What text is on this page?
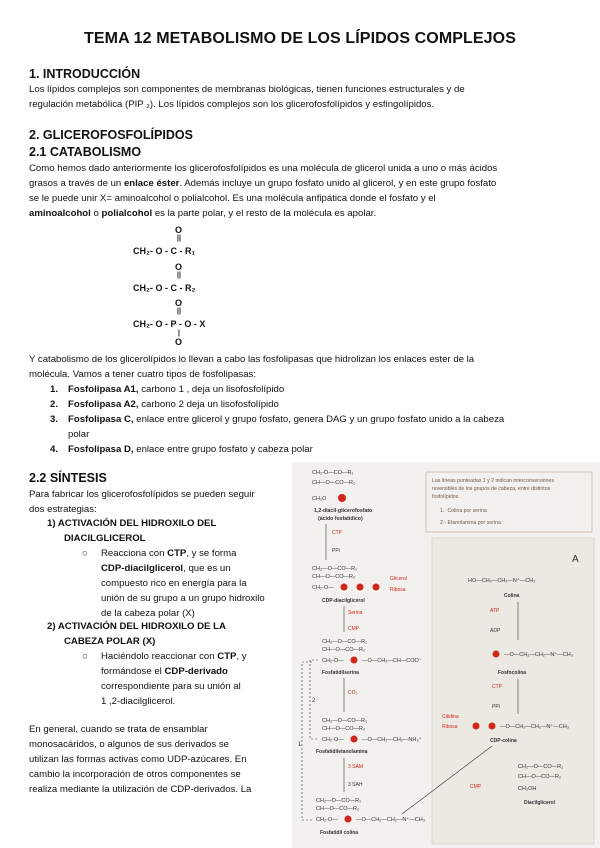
TEMA 12 METABOLISMO DE LOS LÍPIDOS COMPLEJOS
1. INTRODUCCIÓN
Los lípidos complejos son componentes de membranas biológicas, tienen funciones estructurales y de
regulación metabólica (PIP ₂). Los lípidos complejos son los glicerofosfolípidos y esfingolípidos.
2. GLICEROFOSFOLÍPIDOS
2.1 CATABOLISMO
Como hemos dado anteriormente los glicerofosfolípidos es una molécula de glicerol unida a uno o más ácidos
grasos a través de un enlace éster. Además incluye un grupo fosfato unido al glicerol, y en este grupo fosfato
se le puede unir X= aminoalcohol o polialcohol. Es una molécula anfipática donde el fosfato y el
aminoalcohol o polialcohol es la parte polar, y el resto de la molécula es apolar.
O
||
CH₂- O - C - R₁
O
||
CH₂- O - C - R₂
O
||
CH₂- O - P - O - X
|
O
Y catabolismo de los glicerolípidos lo llevan a cabo las fosfolipasas que hidrolizan los enlaces ester de la
molécula. Vamos a tener cuatro tipos de fosfolipasas:
1. Fosfolipasa A1, carbono 1 , deja un lisofosfolípido
2. Fosfolipasa A2, carbono 2 deja un lisofosfolípido
3. Fosfolipasa C, enlace entre glicerol y grupo fosfato, genera DAG y un grupo fosfato unido a la cabeza
polar
4. Fosfolipasa D, enlace entre grupo fosfato y cabeza polar
2.2 SÍNTESIS
Para fabricar los glicerofosfolípidos se pueden seguir
dos estrategias:
1) ACTIVACIÓN DEL HIDROXILO DEL
DIACILGLICEROL
○ Reacciona con CTP, y se forma
CDP-diacilglicerol, que es un
compuesto rico en energía para la
unión de su grupo a un grupo hidroxilo
de la cabeza polar (X)
2) ACTIVACIÓN DEL HIDROXILO DE LA
CABEZA POLAR (X)
○ Haciéndolo reaccionar con CTP, y
formándose el CDP-derivado
correspondiente para su unión al
1 ,2-diacilglicerol.
En general, cuando se trata de ensamblar
monosacáridos, o algunos de sus derivados se
utilizan las formas activas como UDP-azúcares. En
cambio la incorporación de otros componentes se
realiza mediante la utilización de CDP-derivados. La
Las líneas punteadas 1 y 2 indican interconversiones
reversibles de los grupos de cabeza, entre distintos
fosfolípidos.
1.- Colina por serina
2.- Etanolamina por serina
A
CH₂-O—CO—R₁
CH—O—CO—R₂
CH₂O
1,2-diacil-glicerofosfato
(ácido fosfatídico)
CTP
PPi
CH₂—O—CO—R₁
CH—O—CO—R₂
CH₂-O—
Glicerol
Ribosa
CDP-diacilglicerol
Serina
CMP
CH₂—O—CO—R₁
CH—O—CO—R₂
CH₂-O—	—O—CH₂—CH—COO⁻
Fosfatidilserina
CO₂
CH₂—O—CO—R₁
CH—O—CO—R₂
CH₂-O—	—O—CH₂—CH₂—NH₃⁺
Fosfatidiletanolamina
3 SAM
3 SAH
CH₂—O—CO—R₁
CH—O—CO—R₂
CH₂-O—	—O—CH₂—CH₂—N⁺—CH₃
Fosfatidil colina
1
2
HO—CH₂—CH₂—N⁺—CH₃
Colina
ATP
ADP
—O—CH₂—CH₂—N⁺—CH₃
Fosfocolina
CTP
PPi
Citidina
Ribosa	—O—CH₂—CH₂—N⁺—CH₃
CDP-colina
CH₂—O—CO—R₁
CH—O—CO—R₂
CH₂OH
Diacilglicerol
CMP
